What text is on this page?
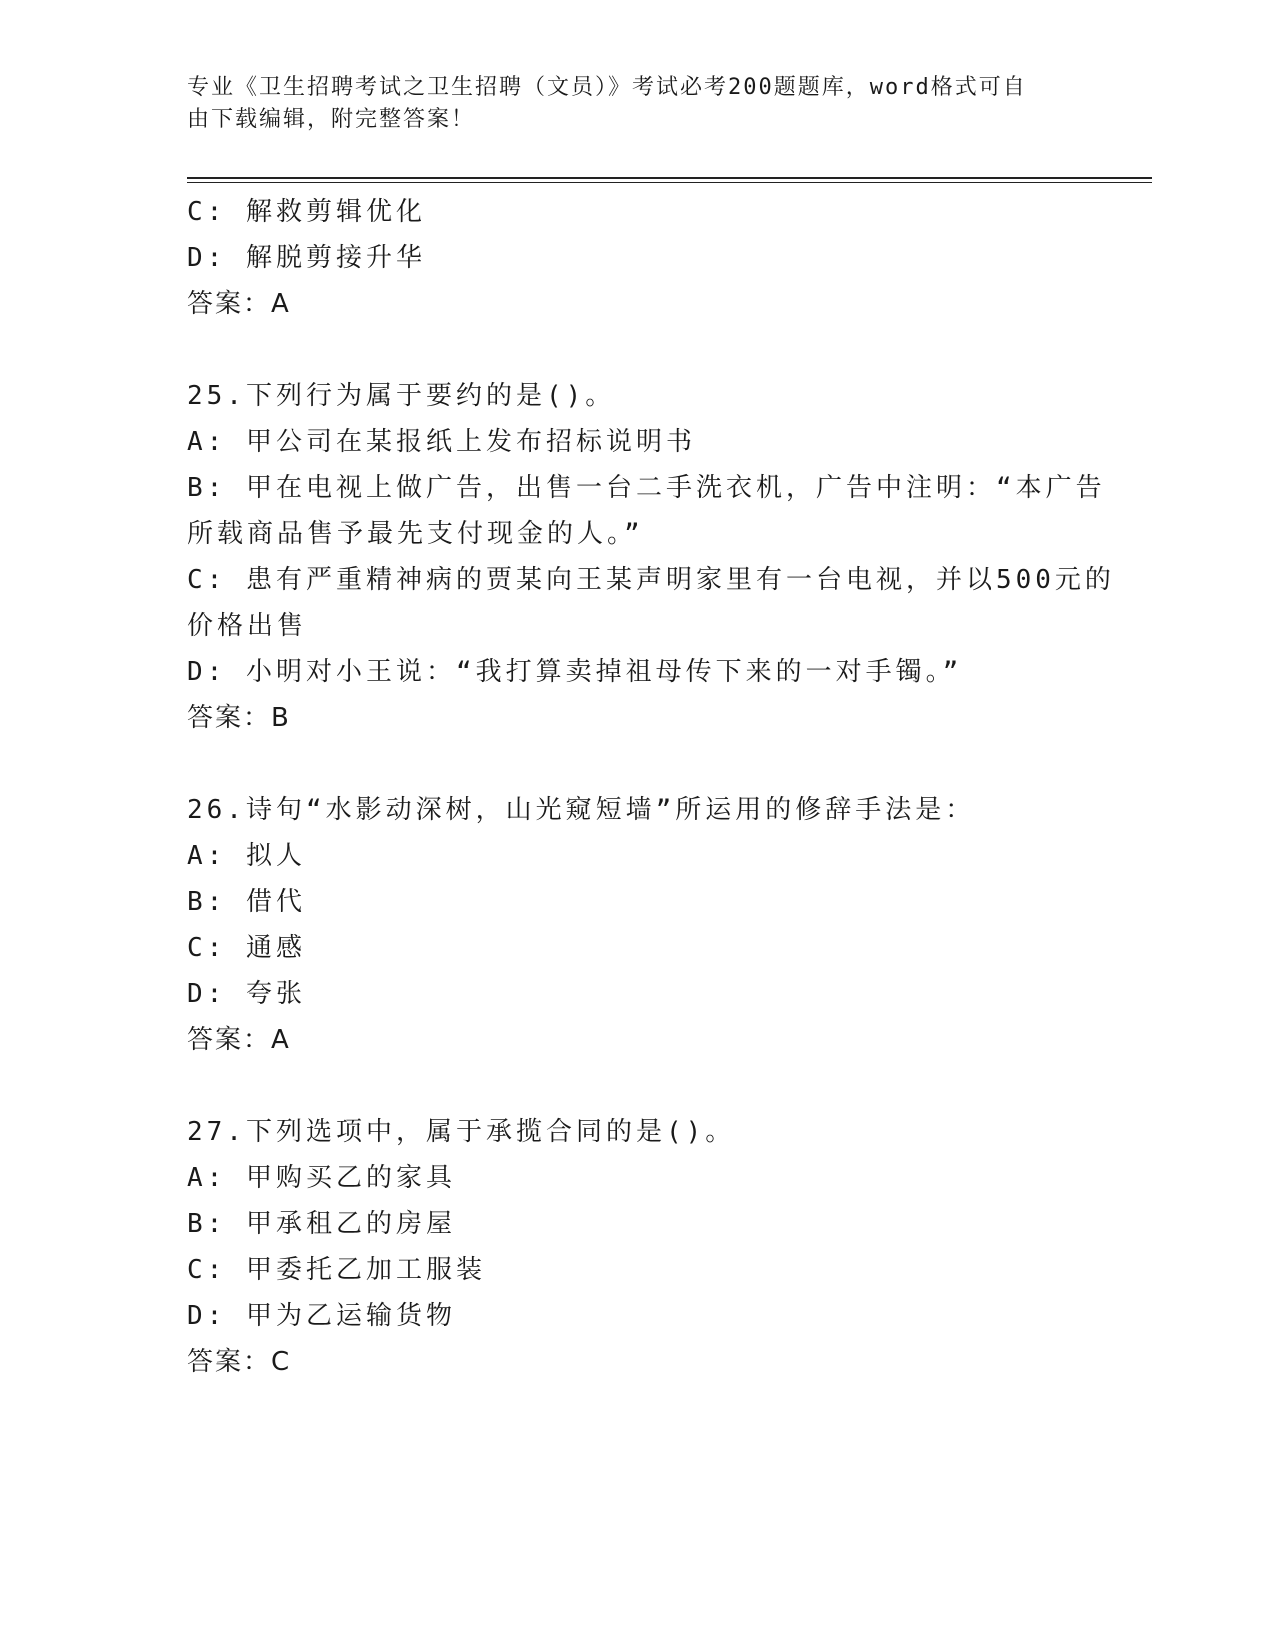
专业《卫生招聘考试之卫生招聘（文员）》考试必考200题题库，word格式可自
由下载编辑，附完整答案！
C: 解救剪辑优化
D: 解脱剪接升华
答案：A
25.下列行为属于要约的是()。
A: 甲公司在某报纸上发布招标说明书
B: 甲在电视上做广告，出售一台二手洗衣机，广告中注明：“本广告
所载商品售予最先支付现金的人。”
C: 患有严重精神病的贾某向王某声明家里有一台电视，并以500元的
价格出售
D: 小明对小王说：“我打算卖掉祖母传下来的一对手镯。”
答案：B
26.诗句“水影动深树，山光窥短墙”所运用的修辞手法是：
A: 拟人
B: 借代
C: 通感
D: 夸张
答案：A
27.下列选项中，属于承揽合同的是()。
A: 甲购买乙的家具
B: 甲承租乙的房屋
C: 甲委托乙加工服装
D: 甲为乙运输货物
答案：C
